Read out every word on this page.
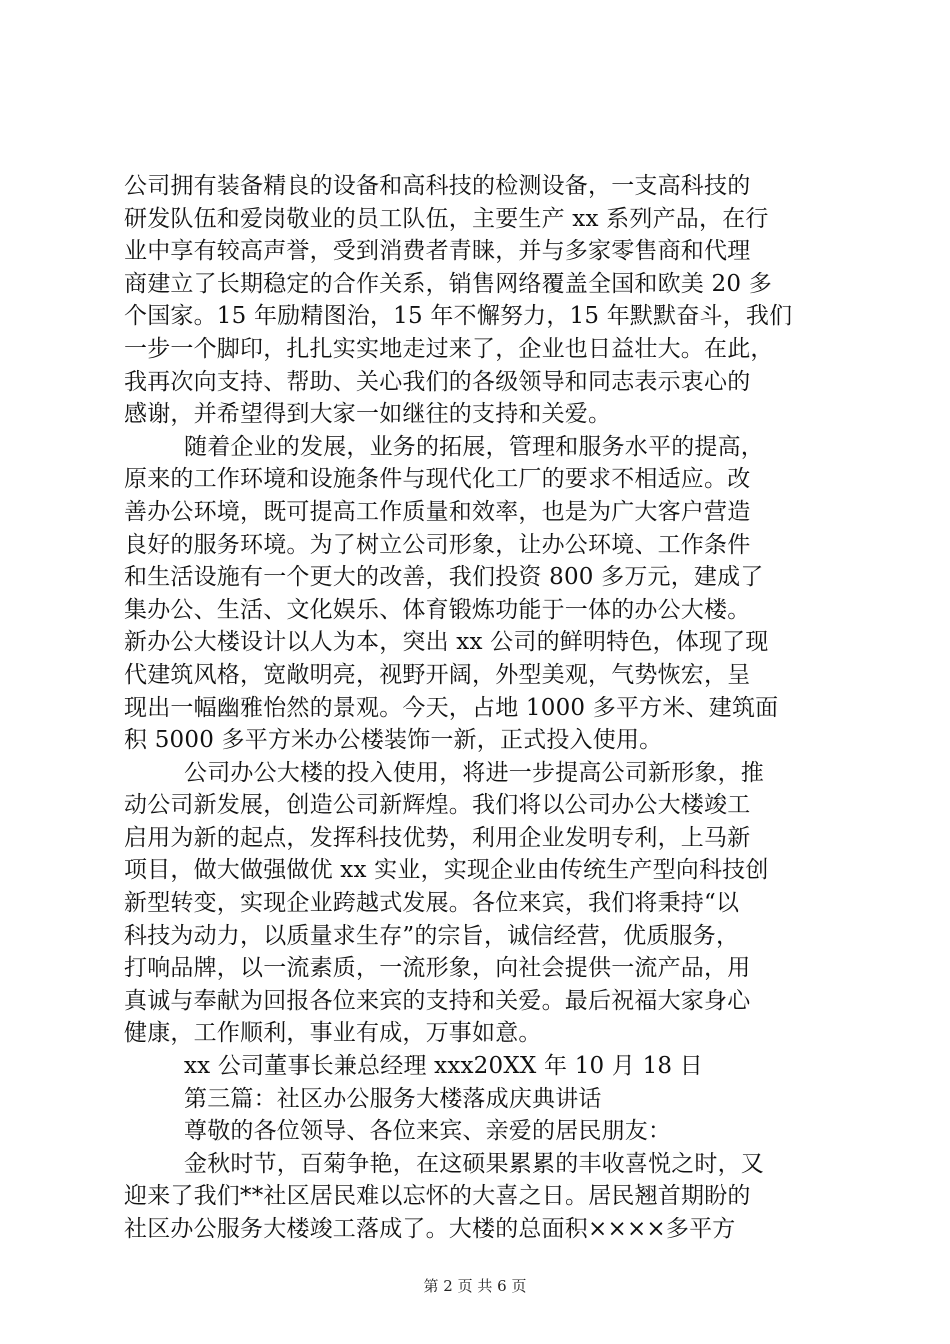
公司拥有装备精良的设备和高科技的检测设备，一支高科技的
研发队伍和爱岗敬业的员工队伍，主要生产 xx 系列产品，在行
业中享有较高声誉，受到消费者青睐，并与多家零售商和代理
商建立了长期稳定的合作关系，销售网络覆盖全国和欧美 20 多
个国家。15 年励精图治，15 年不懈努力，15 年默默奋斗，我们
一步一个脚印，扎扎实实地走过来了，企业也日益壮大。在此，
我再次向支持、帮助、关心我们的各级领导和同志表示衷心的
感谢，并希望得到大家一如继往的支持和关爱。
随着企业的发展，业务的拓展，管理和服务水平的提高，
原来的工作环境和设施条件与现代化工厂的要求不相适应。改
善办公环境，既可提高工作质量和效率，也是为广大客户营造
良好的服务环境。为了树立公司形象，让办公环境、工作条件
和生活设施有一个更大的改善，我们投资 800 多万元，建成了
集办公、生活、文化娱乐、体育锻炼功能于一体的办公大楼。
新办公大楼设计以人为本，突出 xx 公司的鲜明特色，体现了现
代建筑风格，宽敞明亮，视野开阔，外型美观，气势恢宏，呈
现出一幅幽雅怡然的景观。今天，占地 1000 多平方米、建筑面
积 5000 多平方米办公楼装饰一新，正式投入使用。
公司办公大楼的投入使用，将进一步提高公司新形象，推
动公司新发展，创造公司新辉煌。我们将以公司办公大楼竣工
启用为新的起点，发挥科技优势，利用企业发明专利，上马新
项目，做大做强做优 xx 实业，实现企业由传统生产型向科技创
新型转变，实现企业跨越式发展。各位来宾，我们将秉持“以
科技为动力，以质量求生存”的宗旨，诚信经营，优质服务，
打响品牌，以一流素质，一流形象，向社会提供一流产品，用
真诚与奉献为回报各位来宾的支持和关爱。最后祝福大家身心
健康，工作顺利，事业有成，万事如意。
xx 公司董事长兼总经理 xxx20XX 年 10 月 18 日
第三篇：社区办公服务大楼落成庆典讲话
尊敬的各位领导、各位来宾、亲爱的居民朋友：
金秋时节，百菊争艳，在这硕果累累的丰收喜悦之时，又
迎来了我们**社区居民难以忘怀的大喜之日。居民翘首期盼的
社区办公服务大楼竣工落成了。大楼的总面积××××多平方
第 2 页 共 6 页
